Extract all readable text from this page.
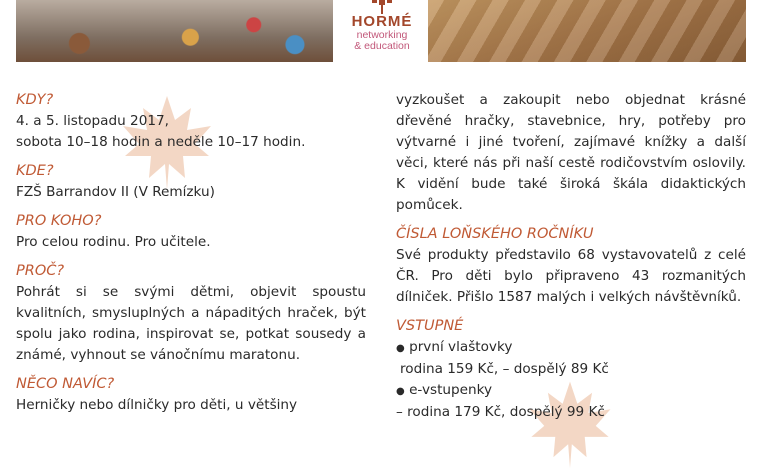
HORMÉ
networking
& education
KDY?
4. a 5. listopadu 2017,
sobota 10–18 hodin a neděle 10–17 hodin.
KDE?
FZŠ Barrandov II (V Remízku)
PRO KOHO?
Pro celou rodinu. Pro učitele.
PROČ?
Pohrát si se svými dětmi, objevit spoustu kvalitních, smysluplných a nápaditých hraček, být spolu jako rodina, inspirovat se, potkat sousedy a známé, vyhnout se vánočnímu maratonu.
NĚCO NAVÍC?
Herničky nebo dílničky pro děti, u většiny
vyzkoušet a zakoupit nebo objednat krásné dřevěné hračky, stavebnice, hry, potřeby pro výtvarné i jiné tvoření, zajímavé knížky a další věci, které nás při naší cestě rodičovstvím oslovily. K vidění bude také široká škála didaktických pomůcek.
ČÍSLA LOŇSKÉHO ROČNÍKU
Své produkty představilo 68 vystavovatelů z celé ČR. Pro děti bylo připraveno 43 rozmanitých dílniček. Přišlo 1587 malých i velkých návštěvníků.
VSTUPNÉ
● první vlaštovky
rodina 159 Kč, – dospělý 89 Kč
● e-vstupenky
– rodina 179 Kč, dospělý 99 Kč
